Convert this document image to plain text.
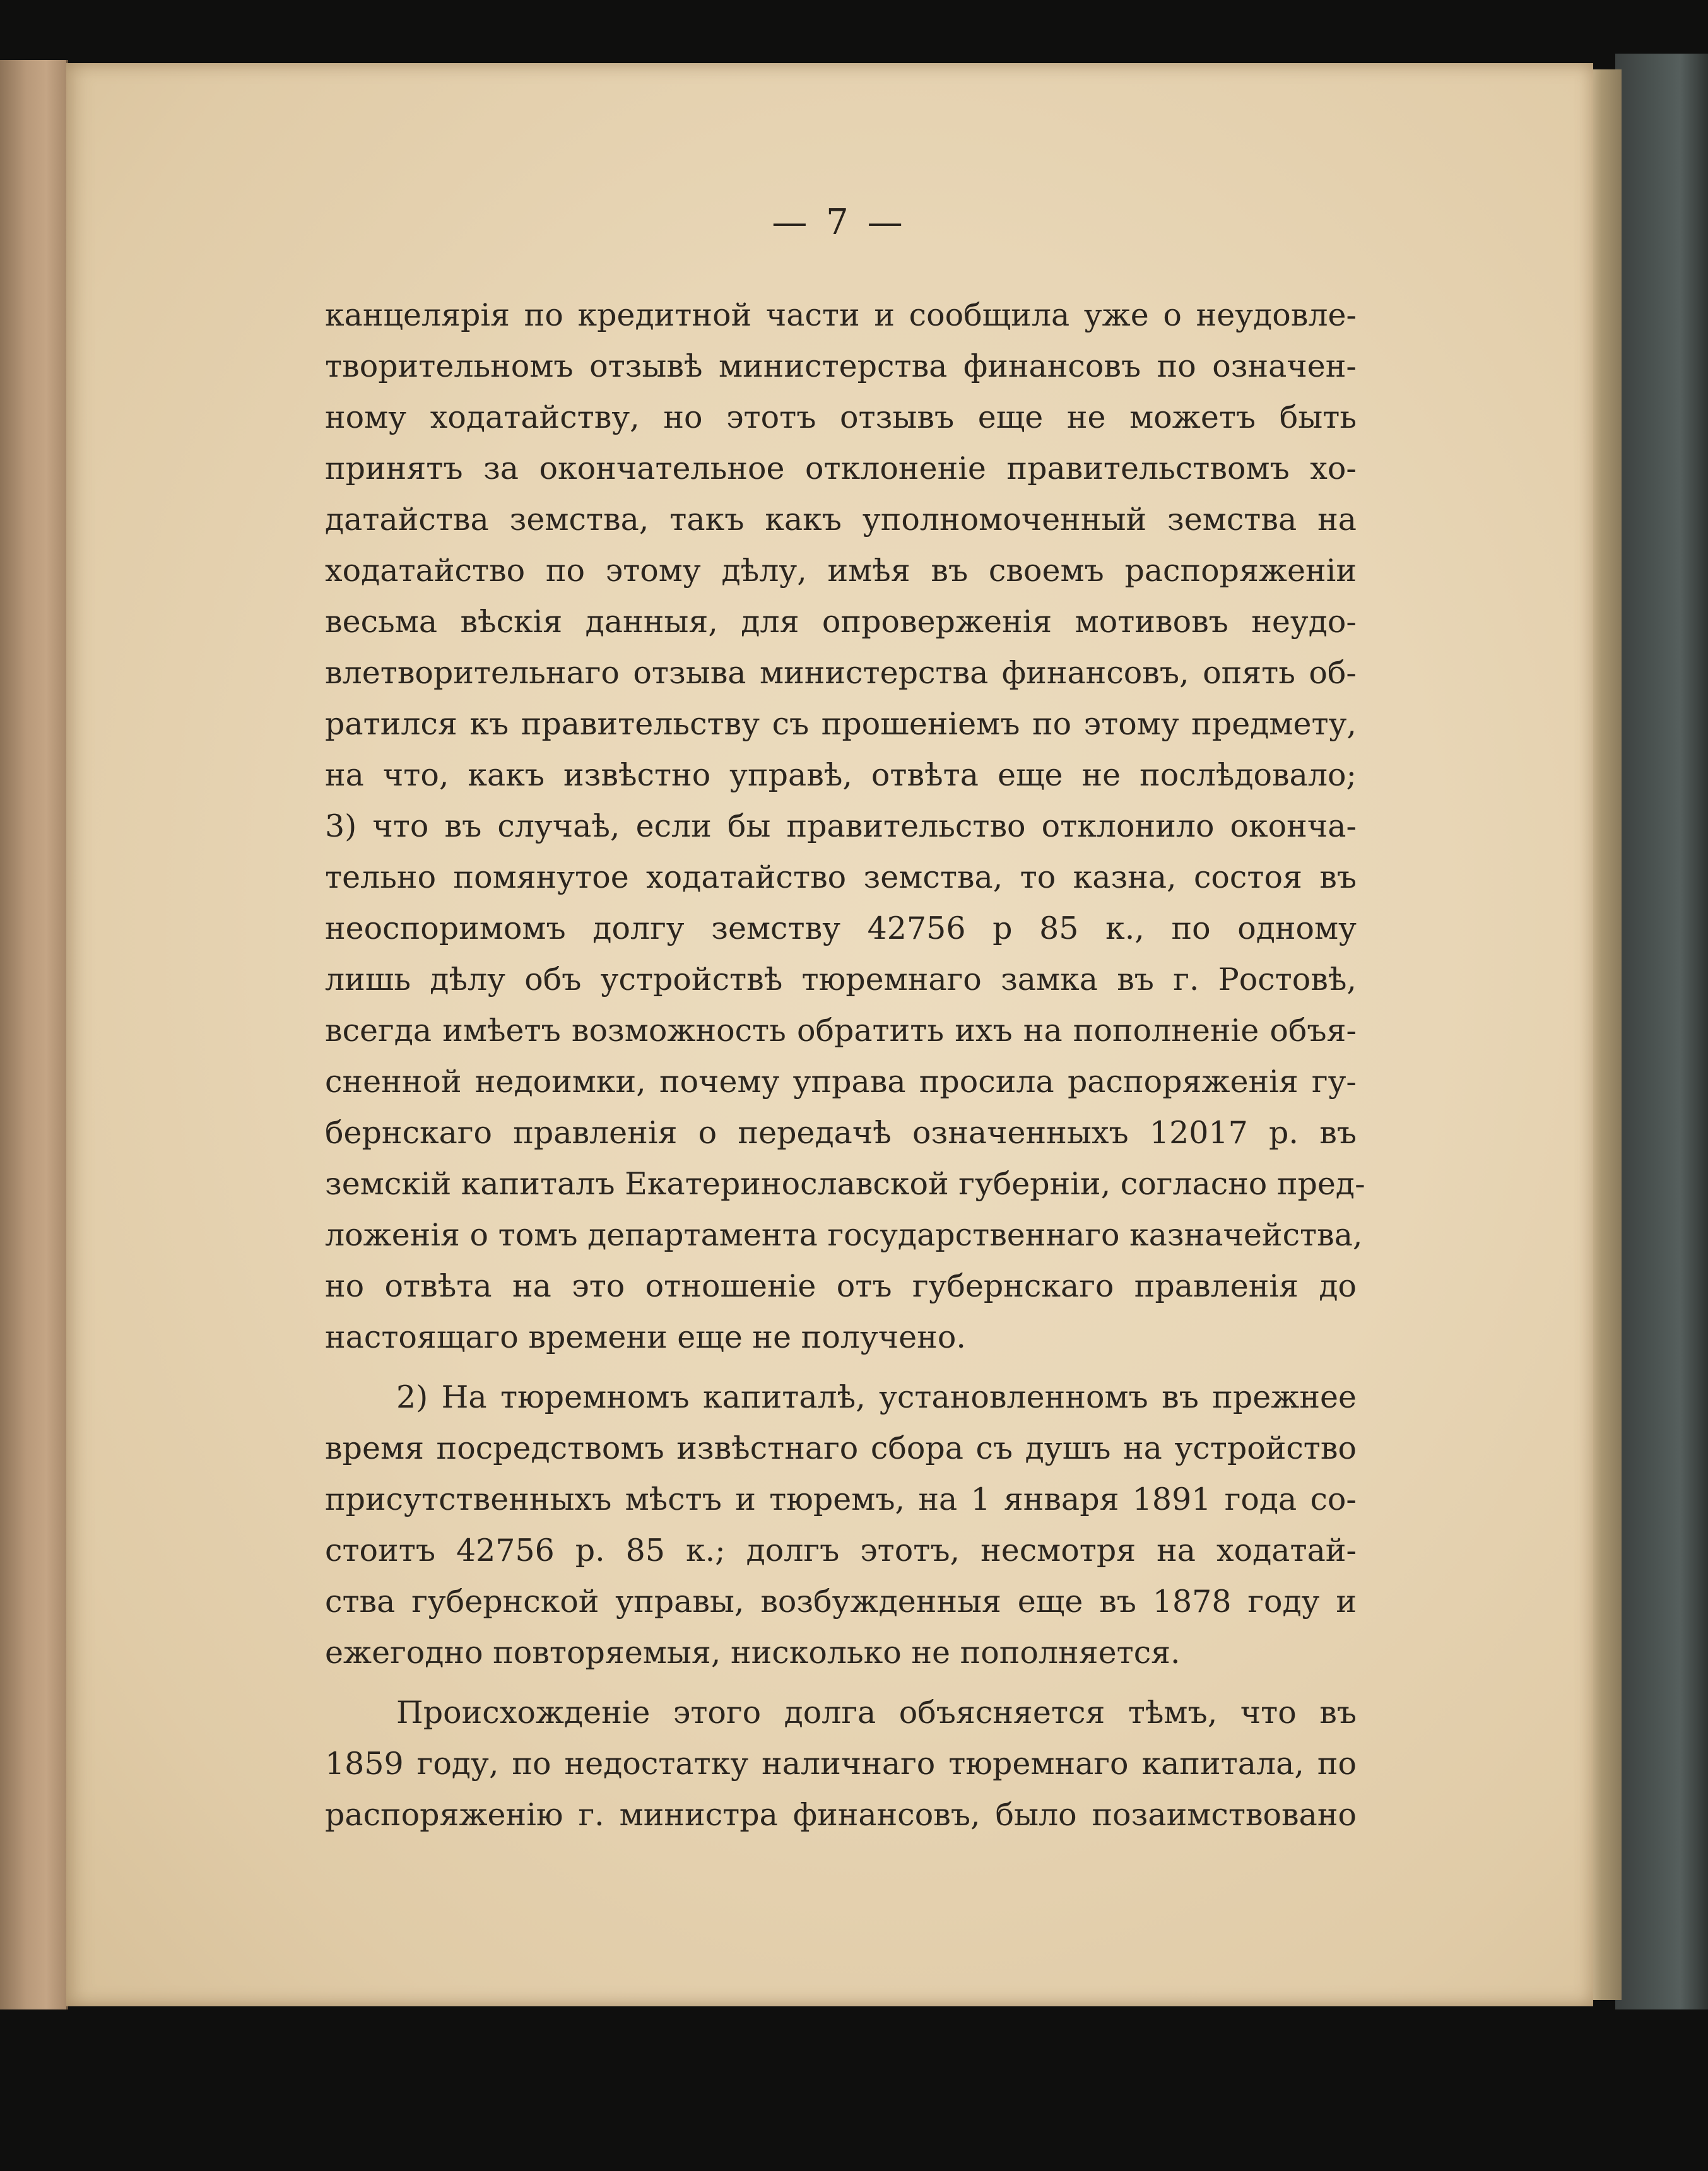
— 7 —
канцелярія по кредитной части и сообщила уже о неудовле-
творительномъ отзывѣ министерства финансовъ по означен-
ному ходатайству, но этотъ отзывъ еще не можетъ быть
принятъ за окончательное отклоненіе правительствомъ хо-
датайства земства, такъ какъ уполномоченный земства на
ходатайство по этому дѣлу, имѣя въ своемъ распоряженіи
весьма вѣскія данныя, для опроверженія мотивовъ неудо-
влетворительнаго отзыва министерства финансовъ, опять об-
ратился къ правительству съ прошеніемъ по этому предмету,
на что, какъ извѣстно управѣ, отвѣта еще не послѣдовало;
3) что въ случаѣ, если бы правительство отклонило оконча-
тельно помянутое ходатайство земства, то казна, состоя въ
неоспоримомъ долгу земству 42756 р 85 к., по одному
лишь дѣлу объ устройствѣ тюремнаго замка въ г. Ростовѣ,
всегда имѣетъ возможность обратить ихъ на пополненіе объя-
сненной недоимки, почему управа просила распоряженія гу-
бернскаго правленія о передачѣ означенныхъ 12017 р. въ
земскій капиталъ Екатеринославской губерніи, согласно пред-
ложенія о томъ департамента государственнаго казначейства,
но отвѣта на это отношеніе отъ губернскаго правленія до
настоящаго времени еще не получено.
2) На тюремномъ капиталѣ, установленномъ въ прежнее
время посредствомъ извѣстнаго сбора съ душъ на устройство
присутственныхъ мѣстъ и тюремъ, на 1 января 1891 года со-
стоитъ 42756 р. 85 к.; долгъ этотъ, несмотря на ходатай-
ства губернской управы, возбужденныя еще въ 1878 году и
ежегодно повторяемыя, нисколько не пополняется.
Происхожденіе этого долга объясняется тѣмъ, что въ
1859 году, по недостатку наличнаго тюремнаго капитала, по
распоряженію г. министра финансовъ, было позаимствовано
